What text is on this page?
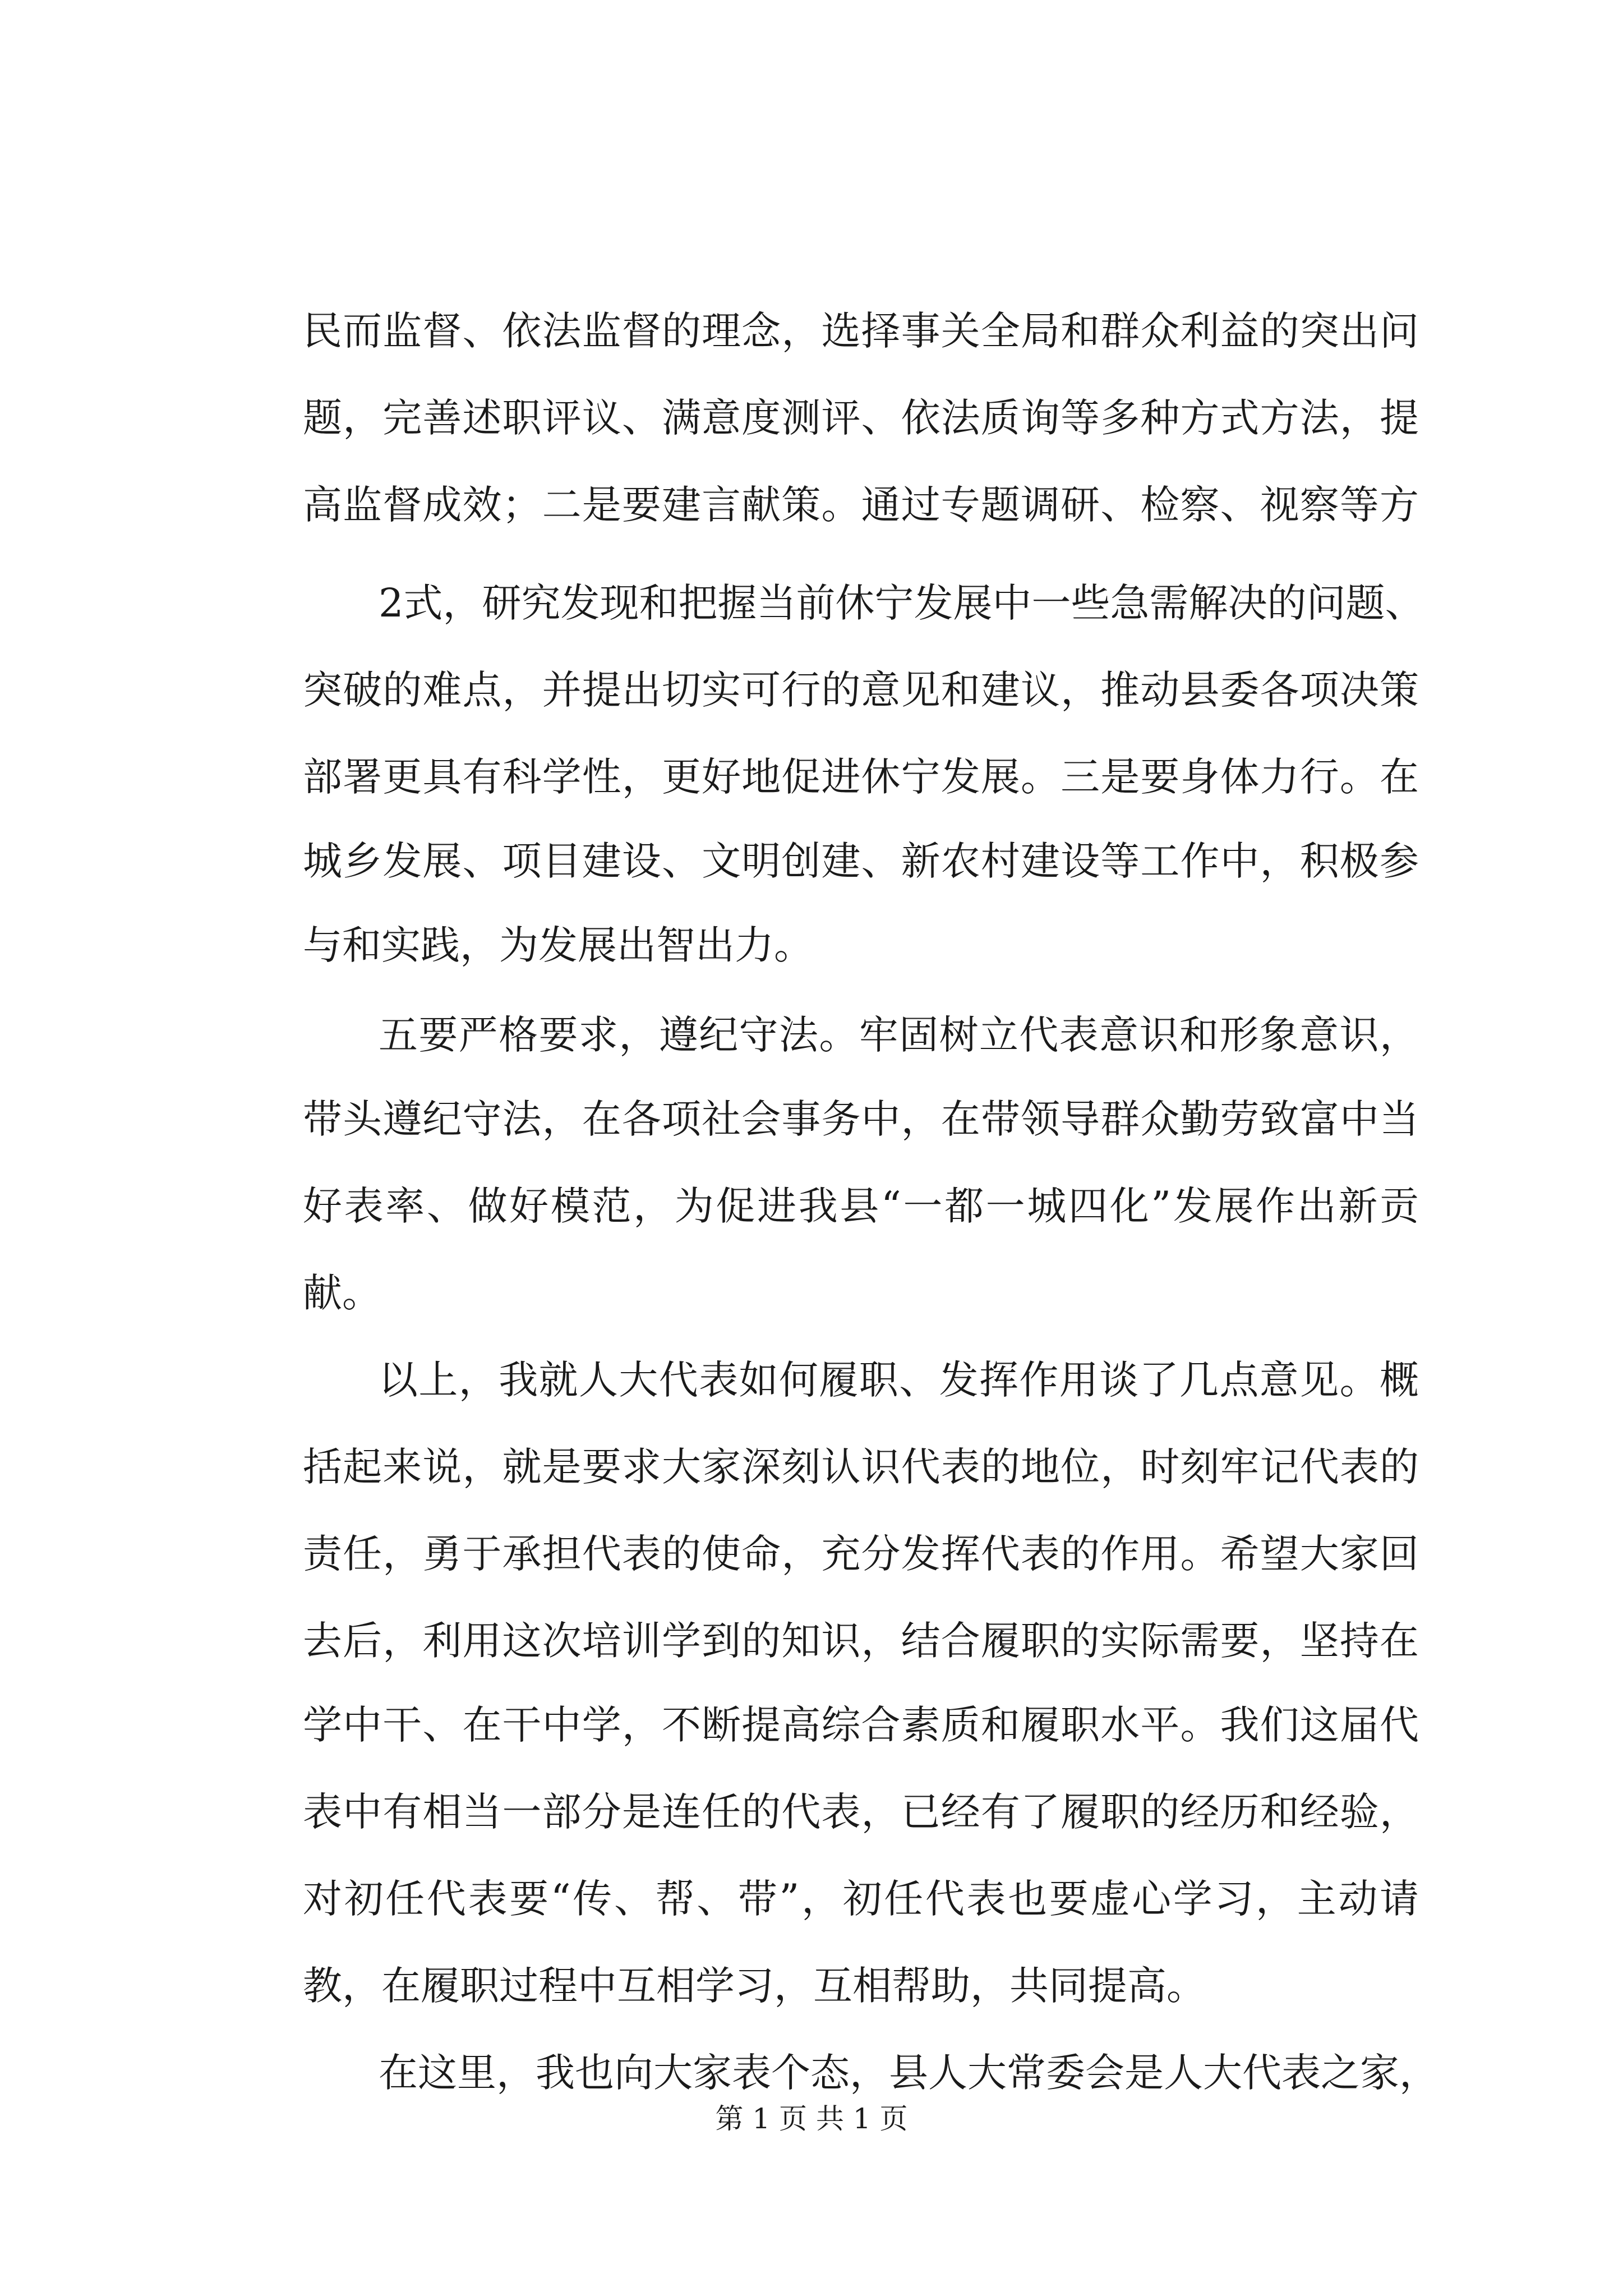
民而监督、依法监督的理念，选择事关全局和群众利益的突出问
题，完善述职评议、满意度测评、依法质询等多种方式方法，提
高监督成效；二是要建言献策。通过专题调研、检察、视察等方
2式，研究发现和把握当前休宁发展中一些急需解决的问题、
突破的难点，并提出切实可行的意见和建议，推动县委各项决策
部署更具有科学性，更好地促进休宁发展。三是要身体力行。在
城乡发展、项目建设、文明创建、新农村建设等工作中，积极参
与和实践，为发展出智出力。
五要严格要求，遵纪守法。牢固树立代表意识和形象意识，
带头遵纪守法，在各项社会事务中，在带领导群众勤劳致富中当
好表率、做好模范，为促进我县“一都一城四化”发展作出新贡
献。
以上，我就人大代表如何履职、发挥作用谈了几点意见。概
括起来说，就是要求大家深刻认识代表的地位，时刻牢记代表的
责任，勇于承担代表的使命，充分发挥代表的作用。希望大家回
去后，利用这次培训学到的知识，结合履职的实际需要，坚持在
学中干、在干中学，不断提高综合素质和履职水平。我们这届代
表中有相当一部分是连任的代表，已经有了履职的经历和经验，
对初任代表要“传、帮、带”，初任代表也要虚心学习，主动请
教，在履职过程中互相学习，互相帮助，共同提高。
在这里，我也向大家表个态，县人大常委会是人大代表之家，
第 1 页 共 1 页
